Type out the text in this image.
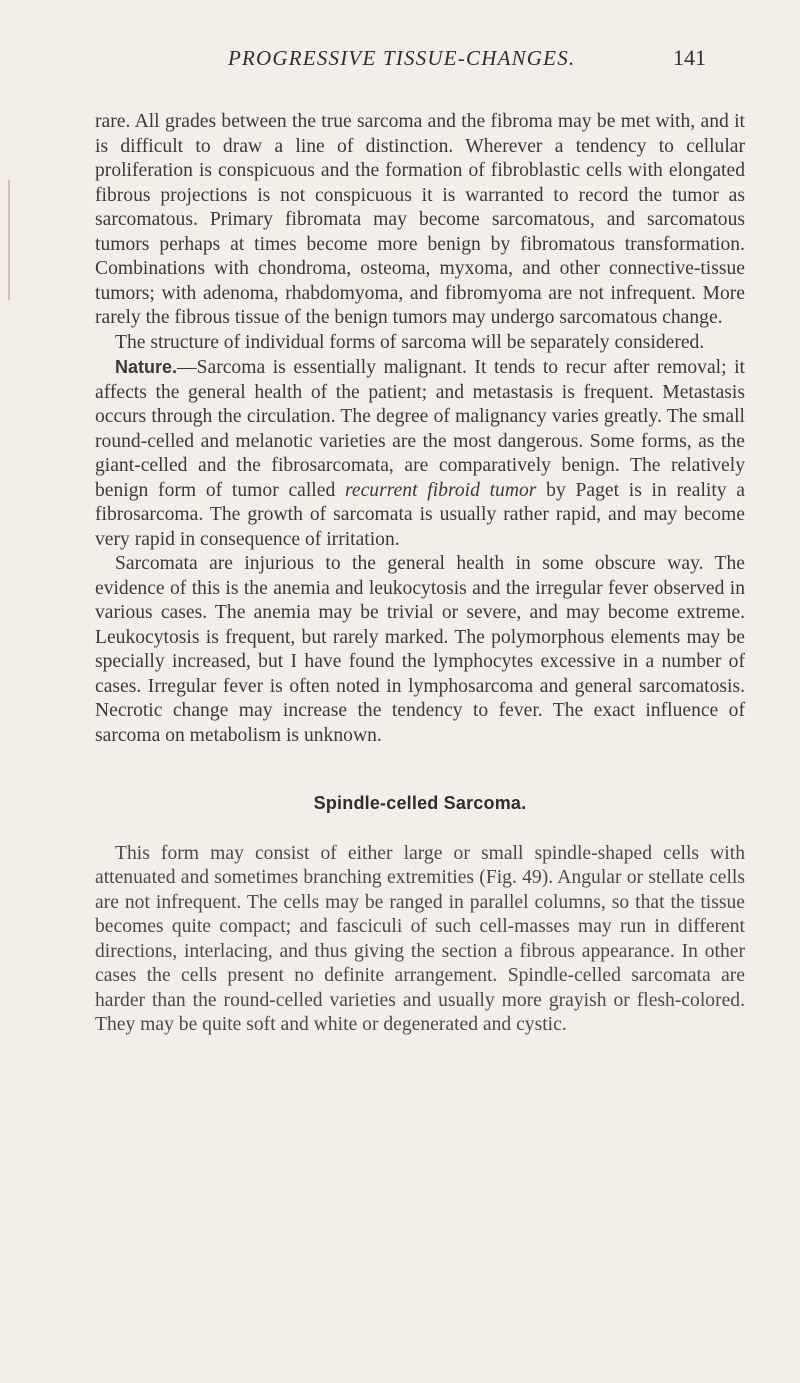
PROGRESSIVE TISSUE-CHANGES.	141

rare. All grades between the true sarcoma and the fibroma may be met with, and it is difficult to draw a line of distinction. Wherever a tendency to cellular proliferation is conspicuous and the formation of fibroblastic cells with elongated fibrous projections is not conspicuous it is warranted to record the tumor as sarcomatous. Primary fibromata may become sarcomatous, and sarcomatous tumors perhaps at times become more benign by fibromatous transformation. Combinations with chondroma, osteoma, myxoma, and other connective-tissue tumors; with adenoma, rhabdomyoma, and fibromyoma are not infrequent. More rarely the fibrous tissue of the benign tumors may undergo sarcomatous change.

The structure of individual forms of sarcoma will be separately considered.

Nature.—Sarcoma is essentially malignant. It tends to recur after removal; it affects the general health of the patient; and metastasis is frequent. Metastasis occurs through the circulation. The degree of malignancy varies greatly. The small round-celled and melanotic varieties are the most dangerous. Some forms, as the giant-celled and the fibrosarcomata, are comparatively benign. The relatively benign form of tumor called recurrent fibroid tumor by Paget is in reality a fibrosarcoma. The growth of sarcomata is usually rather rapid, and may become very rapid in consequence of irritation.

Sarcomata are injurious to the general health in some obscure way. The evidence of this is the anemia and leukocytosis and the irregular fever observed in various cases. The anemia may be trivial or severe, and may become extreme. Leukocytosis is frequent, but rarely marked. The polymorphous elements may be specially increased, but I have found the lymphocytes excessive in a number of cases. Irregular fever is often noted in lymphosarcoma and general sarcomatosis. Necrotic change may increase the tendency to fever. The exact influence of sarcoma on metabolism is unknown.

Spindle-celled Sarcoma.

This form may consist of either large or small spindle-shaped cells with attenuated and sometimes branching extremities (Fig. 49). Angular or stellate cells are not infrequent. The cells may be ranged in parallel columns, so that the tissue becomes quite compact; and fasciculi of such cell-masses may run in different directions, interlacing, and thus giving the section a fibrous appearance. In other cases the cells present no definite arrangement. Spindle-celled sarcomata are harder than the round-celled varieties and usually more grayish or flesh-colored. They may be quite soft and white or degenerated and cystic.
